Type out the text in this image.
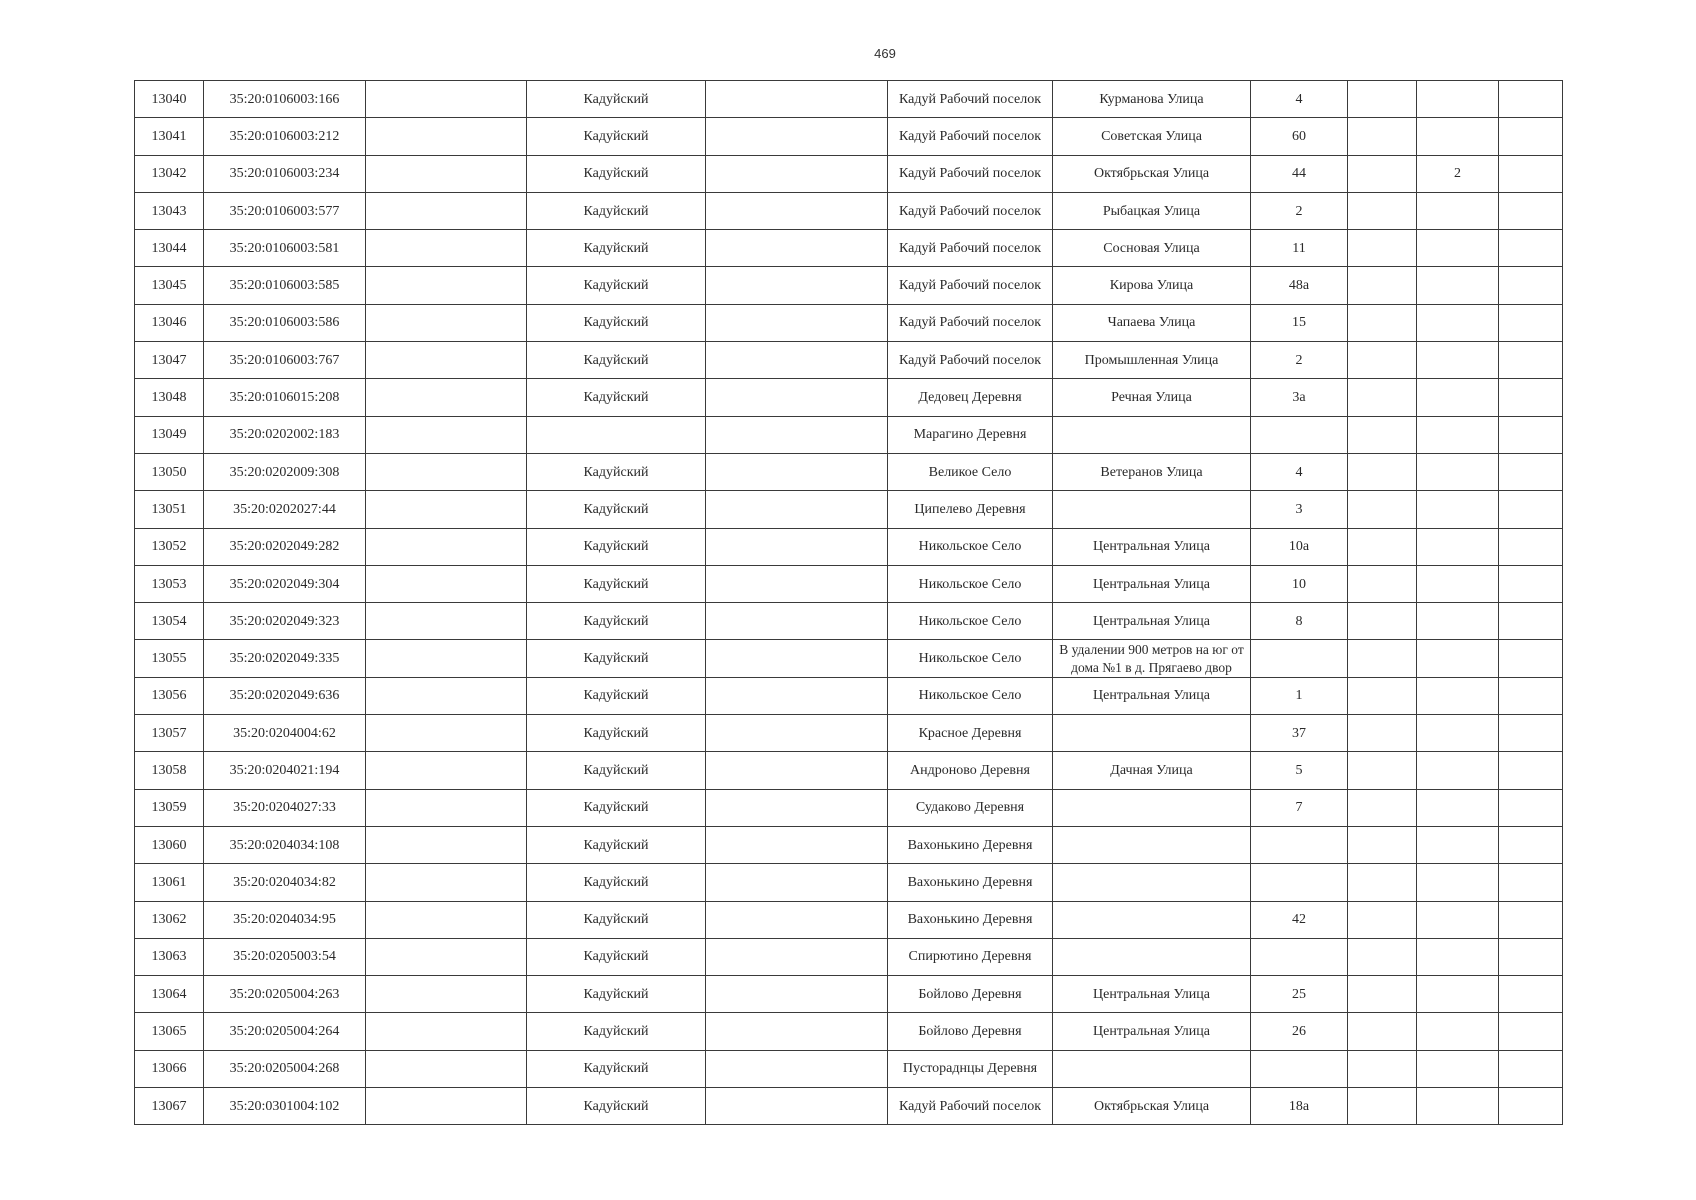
469
13040	35:20:0106003:166		Кадуйский		Кадуй Рабочий поселок	Курманова Улица	4			
13041	35:20:0106003:212		Кадуйский		Кадуй Рабочий поселок	Советская Улица	60			
13042	35:20:0106003:234		Кадуйский		Кадуй Рабочий поселок	Октябрьская Улица	44		2	
13043	35:20:0106003:577		Кадуйский		Кадуй Рабочий поселок	Рыбацкая Улица	2			
13044	35:20:0106003:581		Кадуйский		Кадуй Рабочий поселок	Сосновая Улица	11			
13045	35:20:0106003:585		Кадуйский		Кадуй Рабочий поселок	Кирова Улица	48а			
13046	35:20:0106003:586		Кадуйский		Кадуй Рабочий поселок	Чапаева Улица	15			
13047	35:20:0106003:767		Кадуйский		Кадуй Рабочий поселок	Промышленная Улица	2			
13048	35:20:0106015:208		Кадуйский		Дедовец Деревня	Речная Улица	3а			
13049	35:20:0202002:183				Марагино Деревня					
13050	35:20:0202009:308		Кадуйский		Великое Село	Ветеранов Улица	4			
13051	35:20:0202027:44		Кадуйский		Ципелево Деревня		3			
13052	35:20:0202049:282		Кадуйский		Никольское Село	Центральная Улица	10а			
13053	35:20:0202049:304		Кадуйский		Никольское Село	Центральная Улица	10			
13054	35:20:0202049:323		Кадуйский		Никольское Село	Центральная Улица	8			
13055	35:20:0202049:335		Кадуйский		Никольское Село	В удалении 900 метров на юг от дома №1 в д. Прягаево двор				
13056	35:20:0202049:636		Кадуйский		Никольское Село	Центральная Улица	1			
13057	35:20:0204004:62		Кадуйский		Красное Деревня		37			
13058	35:20:0204021:194		Кадуйский		Андроново Деревня	Дачная Улица	5			
13059	35:20:0204027:33		Кадуйский		Судаково Деревня		7			
13060	35:20:0204034:108		Кадуйский		Вахонькино Деревня					
13061	35:20:0204034:82		Кадуйский		Вахонькино Деревня					
13062	35:20:0204034:95		Кадуйский		Вахонькино Деревня		42			
13063	35:20:0205003:54		Кадуйский		Спирютино Деревня					
13064	35:20:0205004:263		Кадуйский		Бойлово Деревня	Центральная Улица	25			
13065	35:20:0205004:264		Кадуйский		Бойлово Деревня	Центральная Улица	26			
13066	35:20:0205004:268		Кадуйский		Пустораднцы Деревня					
13067	35:20:0301004:102		Кадуйский		Кадуй Рабочий поселок	Октябрьская Улица	18а			
